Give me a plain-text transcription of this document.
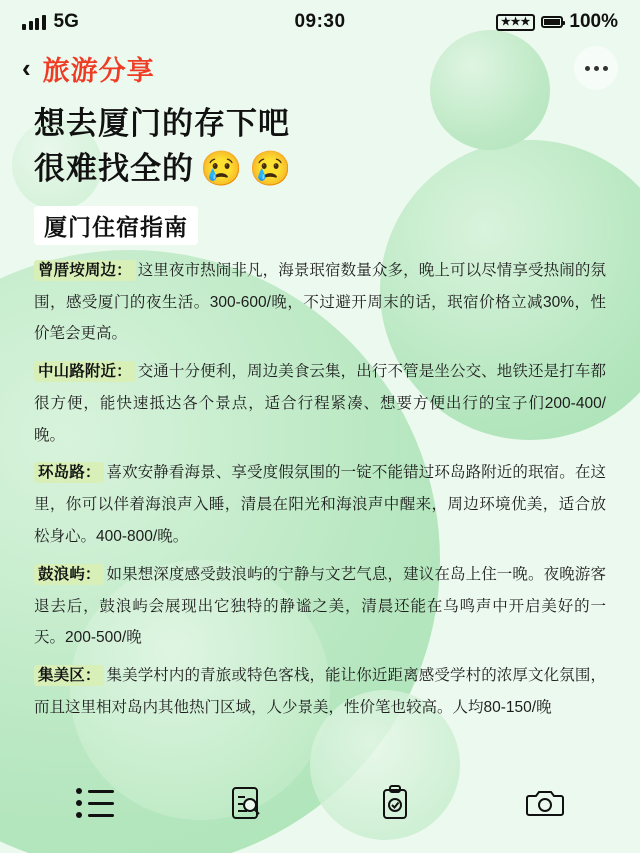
5G	09:30	★★★ 100%
‹ 旅游分享
想去厦门的存下吧
很难找全的 😢 😢
厦门住宿指南

曾厝垵周边： 这里夜市热闹非凡，海景珉宿数量众多，晚上可以尽情享受热闹的氛围，感受厦门的夜生活。300-600/晚，不过避开周末的话，珉宿价格立减30%，性价笔会更高。

中山路附近： 交通十分便利，周边美食云集，出行不管是坐公交、地铁还是打车都很方便，能快速抵达各个景点，适合行程紧凑、想要方便出行的宝子们200-400/晚。

环岛路： 喜欢安静看海景、享受度假氛围的一锭不能错过环岛路附近的珉宿。在这里，你可以伴着海浪声入睡，清晨在阳光和海浪声中醒来，周边环境优美，适合放松身心。400-800/晚。

鼓浪屿： 如果想深度感受鼓浪屿的宁静与文艺气息，建议在岛上住一晚。夜晚游客退去后，鼓浪屿会展现出它独特的静谧之美，清晨还能在乌鸣声中开启美好的一天。200-500/晚

集美区： 集美学村内的青旅或特色客栈，能让你近距离感受学村的浓厚文化氛围，而且这里相对岛内其他热门区域，人少景美，性价笔也较高。人均80-150/晚
